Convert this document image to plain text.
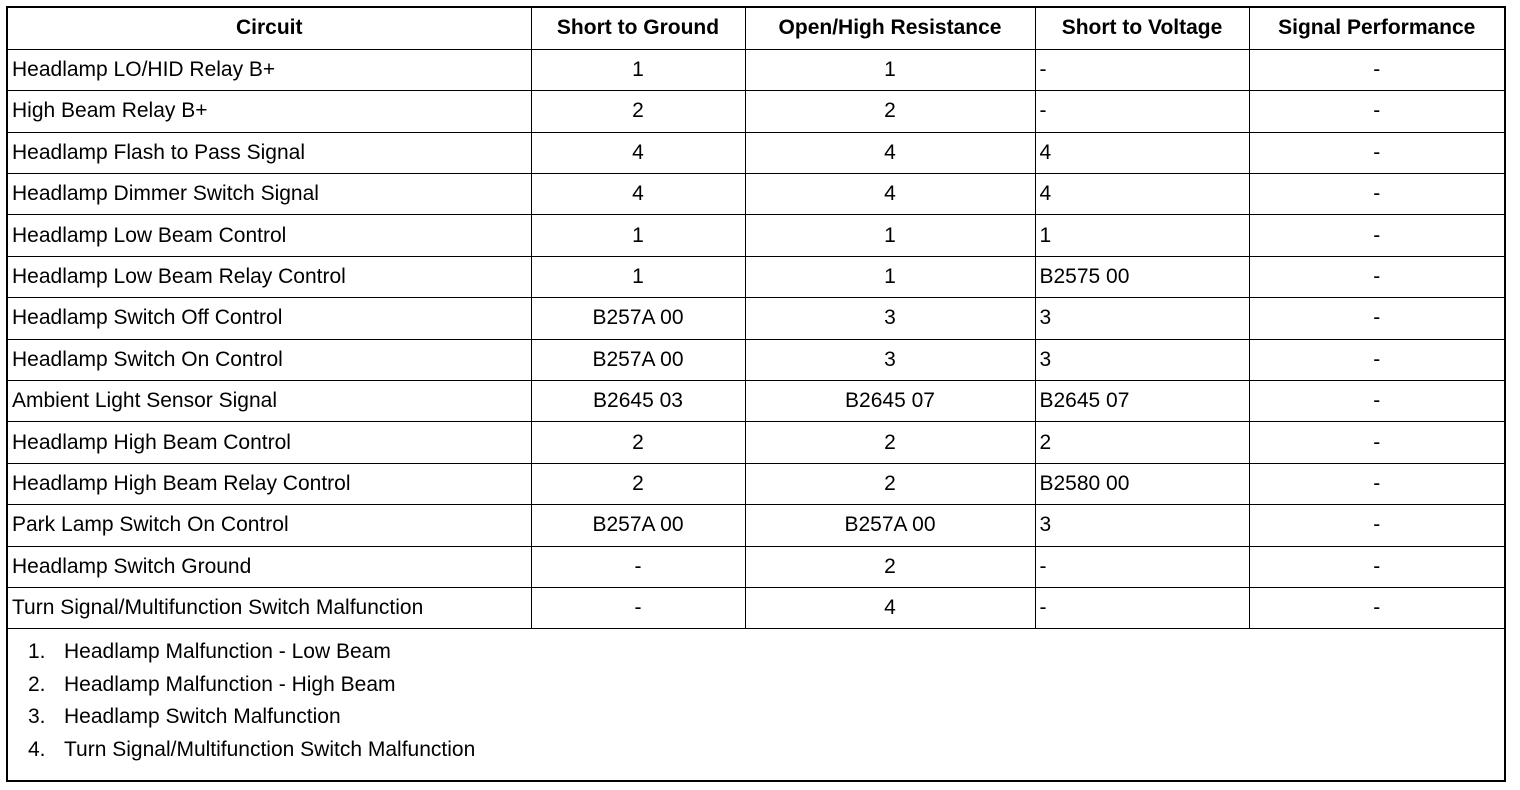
Circuit	Short to Ground	Open/High Resistance	Short to Voltage	Signal Performance
Headlamp LO/HID Relay B+	1	1	-	-
High Beam Relay B+	2	2	-	-
Headlamp Flash to Pass Signal	4	4	4	-
Headlamp Dimmer Switch Signal	4	4	4	-
Headlamp Low Beam Control	1	1	1	-
Headlamp Low Beam Relay Control	1	1	B2575 00	-
Headlamp Switch Off Control	B257A 00	3	3	-
Headlamp Switch On Control	B257A 00	3	3	-
Ambient Light Sensor Signal	B2645 03	B2645 07	B2645 07	-
Headlamp High Beam Control	2	2	2	-
Headlamp High Beam Relay Control	2	2	B2580 00	-
Park Lamp Switch On Control	B257A 00	B257A 00	3	-
Headlamp Switch Ground	-	2	-	-
Turn Signal/Multifunction Switch Malfunction	-	4	-	-
1. Headlamp Malfunction - Low Beam
2. Headlamp Malfunction - High Beam
3. Headlamp Switch Malfunction
4. Turn Signal/Multifunction Switch Malfunction
